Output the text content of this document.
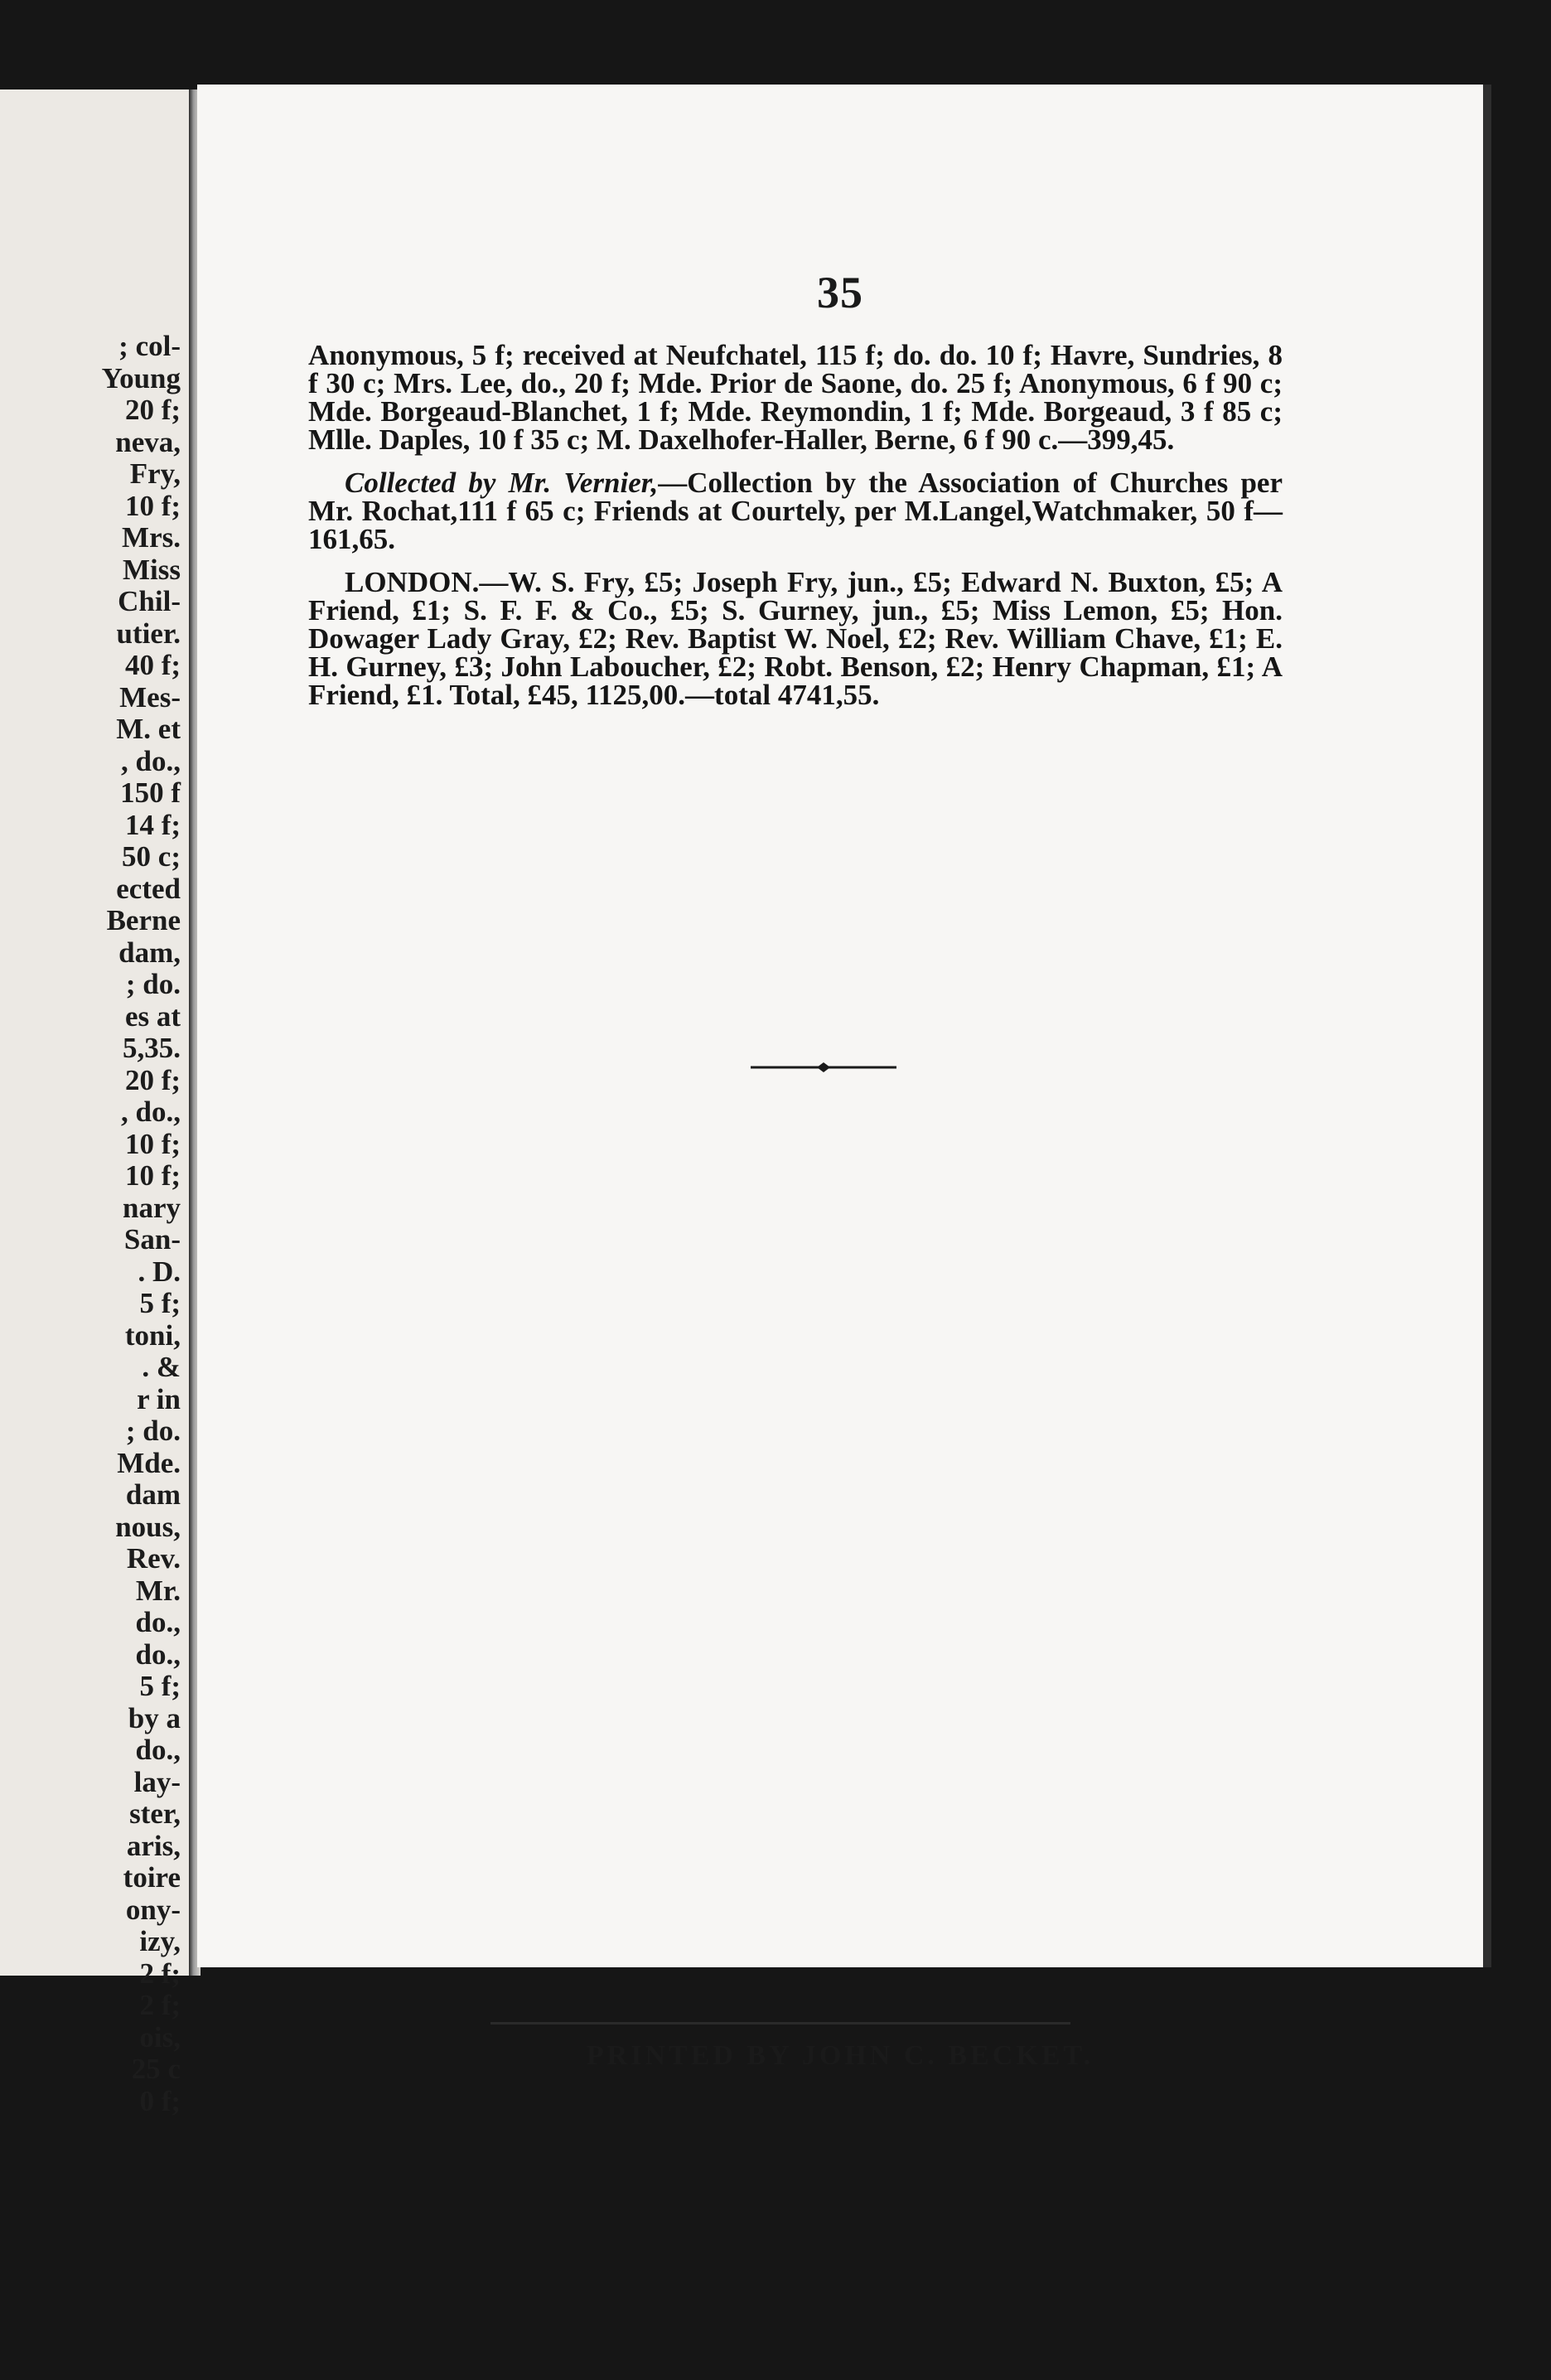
; col-
Young
20 f;
neva,
Fry,
10 f;
Mrs.
Miss
Chil-
utier.
40 f;
Mes-
M. et
, do.,
150 f
14 f;
50 c;
ected
Berne
dam,
; do.
es at
5,35.
20 f;
, do.,
10 f;
10 f;
nary
San-
. D.
5 f;
toni,
. &
r in
; do.
Mde.
dam
nous,
Rev.
Mr.
do.,
do.,
5 f;
by a
do.,
lay-
ster,
aris,
toire
ony-
izy,
2 f;
2 f;
ois,
25 c
0 f;
35

Anonymous, 5 f; received at Neufchatel, 115 f; do. do. 10 f; Havre, Sundries, 8 f 30 c; Mrs. Lee, do., 20 f; Mde. Prior de Saone, do. 25 f; Anonymous, 6 f 90 c; Mde. Borgeaud-Blanchet, 1 f; Mde. Reymondin, 1 f; Mde. Borgeaud, 3 f 85 c; Mlle. Daples, 10 f 35 c; M. Daxelhofer-Haller, Berne, 6 f 90 c.—399,45.

Collected by Mr. Vernier,—Collection by the Association of Churches per Mr. Rochat,111 f 65 c; Friends at Courtely, per M.Langel,Watchmaker, 50 f—161,65.

LONDON.—W. S. Fry, £5; Joseph Fry, jun., £5; Edward N. Buxton, £5; A Friend, £1; S. F. F. & Co., £5; S. Gurney, jun., £5; Miss Lemon, £5; Hon. Dowager Lady Gray, £2; Rev. Baptist W. Noel, £2; Rev. William Chave, £1; E. H. Gurney, £3; John Laboucher, £2; Robt. Benson, £2; Henry Chapman, £1; A Friend, £1. Total, £45, 1125,00.—total 4741,55.

PRINTED BY JOHN C. BECKET.
